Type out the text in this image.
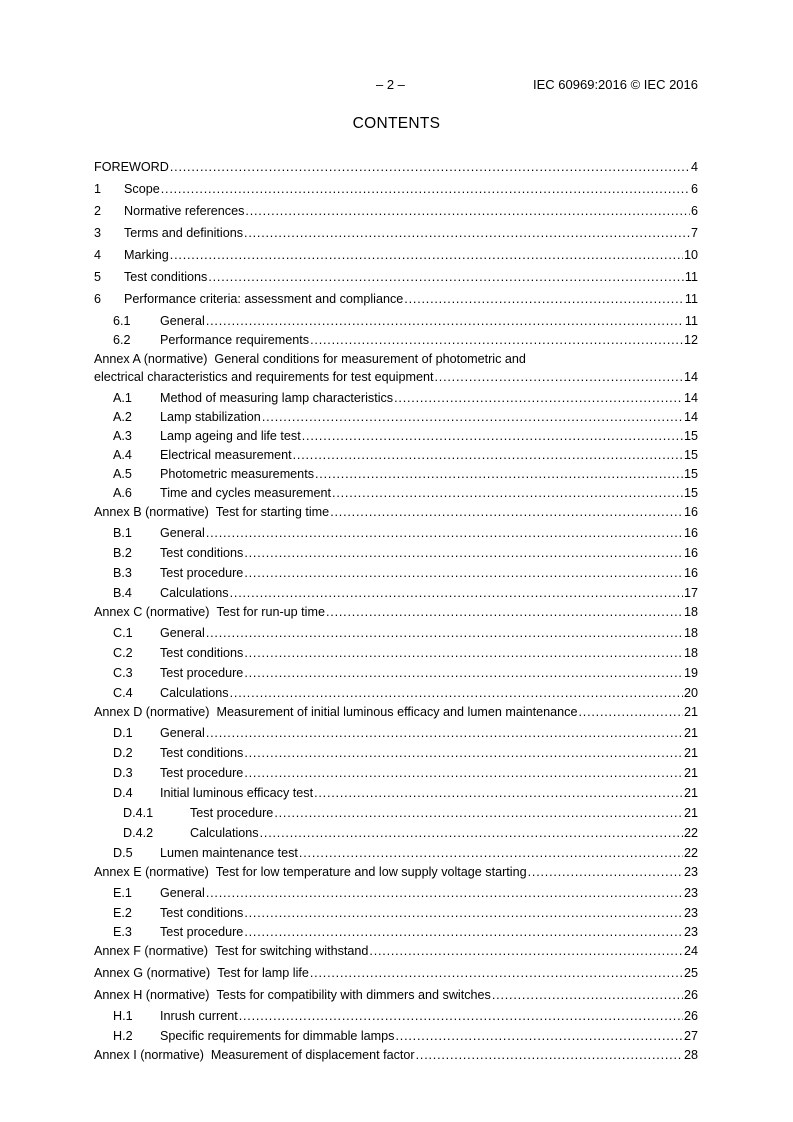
– 2 –	IEC 60969:2016 © IEC 2016
CONTENTS
FOREWORD . . .	4
1	Scope . . .	6
2	Normative references . . .	6
3	Terms and definitions . . .	7
4	Marking . . .	10
5	Test conditions . . .	11
6	Performance criteria: assessment and compliance . . .	11
6.1	General . . .	11
6.2	Performance requirements . . .	12
Annex A (normative) General conditions for measurement of photometric and
electrical characteristics and requirements for test equipment . . .	14
A.1	Method of measuring lamp characteristics . . .	14
A.2	Lamp stabilization . . .	14
A.3	Lamp ageing and life test . . .	15
A.4	Electrical measurement . . .	15
A.5	Photometric measurements . . .	15
A.6	Time and cycles measurement . . .	15
Annex B (normative) Test for starting time . . .	16
B.1	General . . .	16
B.2	Test conditions . . .	16
B.3	Test procedure . . .	16
B.4	Calculations . . .	17
Annex C (normative) Test for run-up time . . .	18
C.1	General . . .	18
C.2	Test conditions . . .	18
C.3	Test procedure . . .	19
C.4	Calculations . . .	20
Annex D (normative) Measurement of initial luminous efficacy and lumen maintenance . . .	21
D.1	General . . .	21
D.2	Test conditions . . .	21
D.3	Test procedure . . .	21
D.4	Initial luminous efficacy test . . .	21
D.4.1	Test procedure . . .	21
D.4.2	Calculations . . .	22
D.5	Lumen maintenance test . . .	22
Annex E (normative) Test for low temperature and low supply voltage starting . . .	23
E.1	General . . .	23
E.2	Test conditions . . .	23
E.3	Test procedure . . .	23
Annex F (normative) Test for switching withstand . . .	24
Annex G (normative) Test for lamp life . . .	25
Annex H (normative) Tests for compatibility with dimmers and switches . . .	26
H.1	Inrush current . . .	26
H.2	Specific requirements for dimmable lamps . . .	27
Annex I (normative) Measurement of displacement factor . . .	28
